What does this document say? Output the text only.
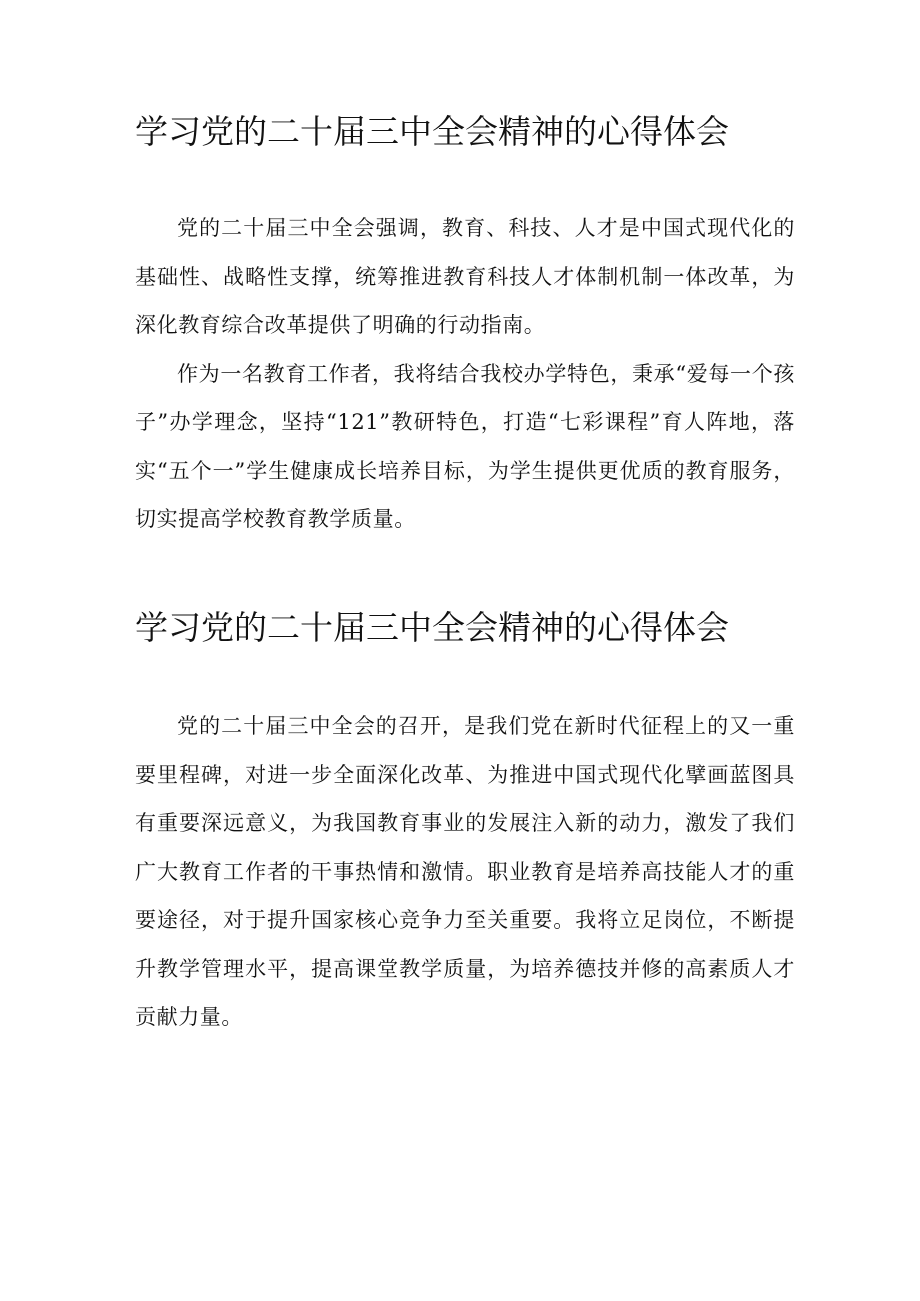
学习党的二十届三中全会精神的心得体会

党的二十届三中全会强调，教育、科技、人才是中国式现代化的基础性、战略性支撑，统筹推进教育科技人才体制机制一体改革，为深化教育综合改革提供了明确的行动指南。

作为一名教育工作者，我将结合我校办学特色，秉承“爱每一个孩子”办学理念，坚持“121”教研特色，打造“七彩课程”育人阵地，落实“五个一”学生健康成长培养目标，为学生提供更优质的教育服务，切实提高学校教育教学质量。

学习党的二十届三中全会精神的心得体会

党的二十届三中全会的召开，是我们党在新时代征程上的又一重要里程碑，对进一步全面深化改革、为推进中国式现代化擘画蓝图具有重要深远意义，为我国教育事业的发展注入新的动力，激发了我们广大教育工作者的干事热情和激情。职业教育是培养高技能人才的重要途径，对于提升国家核心竞争力至关重要。我将立足岗位，不断提升教学管理水平，提高课堂教学质量，为培养德技并修的高素质人才贡献力量。
